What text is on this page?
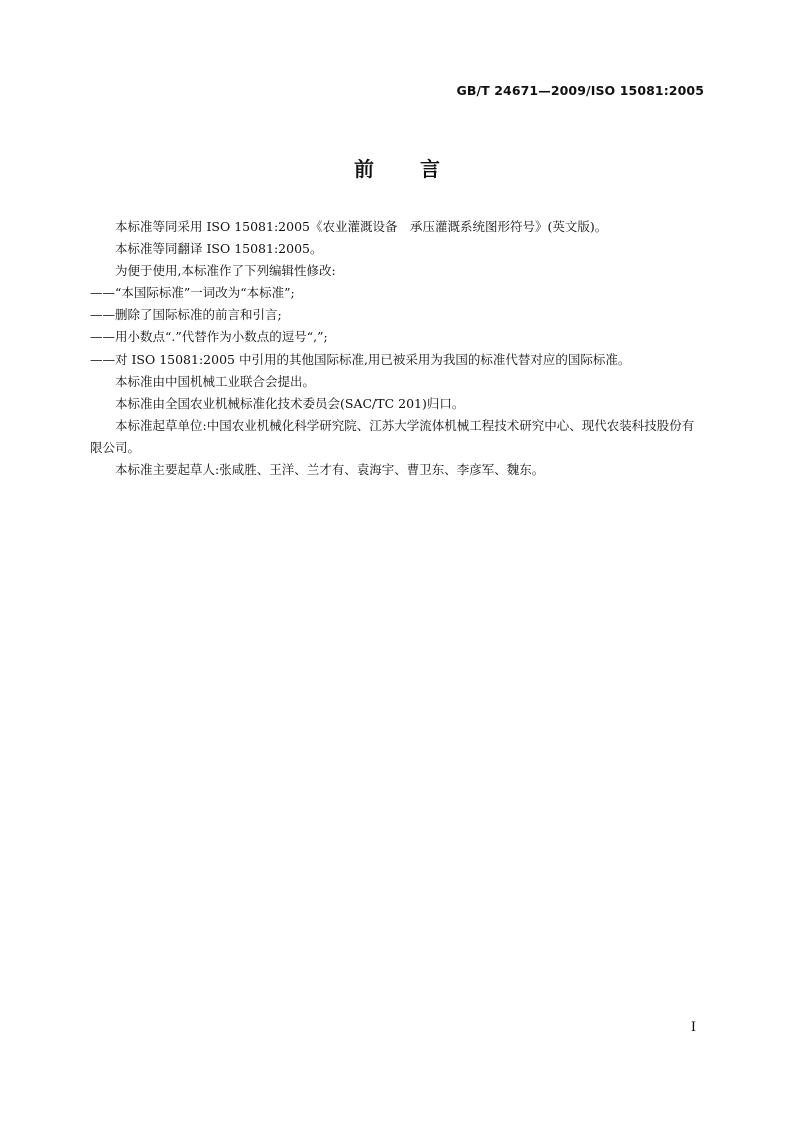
GB/T 24671—2009/ISO 15081:2005
前言

本标准等同采用 ISO 15081:2005《农业灌溉设备　承压灌溉系统图形符号》(英文版)。

本标准等同翻译 ISO 15081:2005。

为便于使用,本标准作了下列编辑性修改:

——“本国际标准”一词改为“本标准”;

——删除了国际标准的前言和引言;

——用小数点“.”代替作为小数点的逗号“,”;

——对 ISO 15081:2005 中引用的其他国际标准,用已被采用为我国的标准代替对应的国际标准。

本标准由中国机械工业联合会提出。

本标准由全国农业机械标准化技术委员会(SAC/TC 201)归口。

本标准起草单位:中国农业机械化科学研究院、江苏大学流体机械工程技术研究中心、现代农装科技股份有限公司。

本标准主要起草人:张咸胜、王洋、兰才有、袁海宇、曹卫东、李彦军、魏东。

I
